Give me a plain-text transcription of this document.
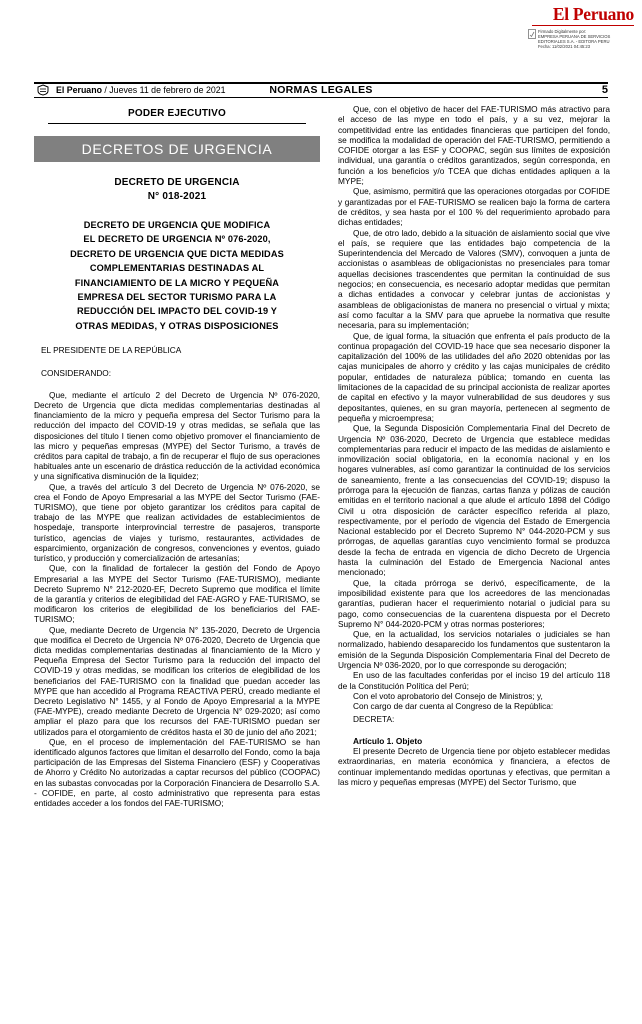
El Peruano
Firmado Digitalmente por:
EMPRESA PERUANA DE SERVICIOS
EDITORIALES S.A. - EDITORA PERU
Fecha: 11/02/2021 04:45:23
El Peruano / Jueves 11 de febrero de 2021	NORMAS LEGALES	5
PODER EJECUTIVO
DECRETOS DE URGENCIA
DECRETO DE URGENCIA
N° 018-2021
DECRETO DE URGENCIA QUE MODIFICA
EL DECRETO DE URGENCIA Nº 076-2020,
DECRETO DE URGENCIA QUE DICTA MEDIDAS
COMPLEMENTARIAS DESTINADAS AL
FINANCIAMIENTO DE LA MICRO Y PEQUEÑA
EMPRESA DEL SECTOR TURISMO PARA LA
REDUCCIÓN DEL IMPACTO DEL COVID-19 Y
OTRAS MEDIDAS, Y OTRAS DISPOSICIONES
EL PRESIDENTE DE LA REPÚBLICA
CONSIDERANDO:

Que, mediante el artículo 2 del Decreto de Urgencia Nº 076-2020, Decreto de Urgencia que dicta medidas complementarias destinadas al financiamiento de la micro y pequeña empresa del Sector Turismo para la reducción del impacto del COVID-19 y otras medidas, se señala que las disposiciones del título I tienen como objetivo promover el financiamiento de las micro y pequeñas empresas (MYPE) del Sector Turismo, a través de créditos para capital de trabajo, a fin de recuperar el flujo de sus operaciones habituales ante un escenario de drástica reducción de la actividad económica y una significativa disminución de la liquidez;

Que, a través del artículo 3 del Decreto de Urgencia Nº 076-2020, se crea el Fondo de Apoyo Empresarial a las MYPE del Sector Turismo (FAE-TURISMO), que tiene por objeto garantizar los créditos para capital de trabajo de las MYPE que realizan actividades de establecimientos de hospedaje, transporte interprovincial terrestre de pasajeros, transporte turístico, agencias de viajes y turismo, restaurantes, actividades de esparcimiento, organización de congresos, convenciones y eventos, guiado turístico, y producción y comercialización de artesanías;

Que, con la finalidad de fortalecer la gestión del Fondo de Apoyo Empresarial a las MYPE del Sector Turismo (FAE-TURISMO), mediante Decreto Supremo N° 212-2020-EF, Decreto Supremo que modifica el límite de la garantía y criterios de elegibilidad del FAE-AGRO y FAE-TURISMO, se modificaron los criterios de elegibilidad de los beneficiarios del FAE-TURISMO;

Que, mediante Decreto de Urgencia N° 135-2020, Decreto de Urgencia que modifica el Decreto de Urgencia Nº 076-2020, Decreto de Urgencia que dicta medidas complementarias destinadas al financiamiento de la Micro y Pequeña Empresa del Sector Turismo para la reducción del impacto del COVID-19 y otras medidas, se modifican los criterios de elegibilidad de los beneficiarios del FAE-TURISMO con la finalidad que puedan acceder las MYPE que han accedido al Programa REACTIVA PERÚ, creado mediante el Decreto Legislativo N° 1455, y al Fondo de Apoyo Empresarial a la MYPE (FAE-MYPE), creado mediante Decreto de Urgencia N° 029-2020; así como ampliar el plazo para que los recursos del FAE-TURISMO puedan ser utilizados para el otorgamiento de créditos hasta el 30 de junio del año 2021;

Que, en el proceso de implementación del FAE-TURISMO se han identificado algunos factores que limitan el desarrollo del Fondo, como la baja participación de las Empresas del Sistema Financiero (ESF) y Cooperativas de Ahorro y Crédito No autorizadas a captar recursos del público (COOPAC) en las subastas convocadas por la Corporación Financiera de Desarrollo S.A. - COFIDE, en parte, al costo administrativo que representa para estas entidades acceder a los fondos del FAE-TURISMO;

Que, con el objetivo de hacer del FAE-TURISMO más atractivo para el acceso de las mype en todo el país, y a su vez, mejorar la competitividad entre las entidades financieras que participen del fondo, se modifica la modalidad de operación del FAE-TURISMO, permitiendo a COFIDE otorgar a las ESF y COOPAC, según sus límites de exposición individual, una garantía o créditos garantizados, según corresponda, en función a los beneficios y/o TCEA que dichas entidades apliquen a la MYPE;

Que, asimismo, permitirá que las operaciones otorgadas por COFIDE y garantizadas por el FAE-TURISMO se realicen bajo la forma de cartera de créditos, y sea hasta por el 100 % del requerimiento aprobado para dichas entidades;

Que, de otro lado, debido a la situación de aislamiento social que vive el país, se requiere que las entidades bajo competencia de la Superintendencia del Mercado de Valores (SMV), convoquen a junta de accionistas o asambleas de obligacionistas no presenciales para tomar aquellas decisiones trascendentes que permitan la continuidad de sus negocios; en consecuencia, es necesario adoptar medidas que permitan a dichas entidades a convocar y celebrar juntas de accionistas y asambleas de obligacionistas de manera no presencial o virtual y mixta; así como facultar a la SMV para que apruebe la normativa que resulte necesaria, para su implementación;

Que, de igual forma, la situación que enfrenta el país producto de la continua propagación del COVID-19 hace que sea necesario disponer la capitalización del 100% de las utilidades del año 2020 obtenidas por las cajas municipales de ahorro y crédito y las cajas municipales de crédito popular, entidades de naturaleza pública; tomando en cuenta las limitaciones de la capacidad de su principal accionista de realizar aportes de capital en efectivo y la mayor vulnerabilidad de sus deudores y sus depositantes, quienes, en su gran mayoría, pertenecen al segmento de pequeña y microempresa;

Que, la Segunda Disposición Complementaria Final del Decreto de Urgencia Nº 036-2020, Decreto de Urgencia que establece medidas complementarias para reducir el impacto de las medidas de aislamiento e inmovilización social obligatoria, en la economía nacional y en los hogares vulnerables, así como garantizar la continuidad de los servicios de saneamiento, frente a las consecuencias del COVID-19; dispuso la prórroga para la ejecución de fianzas, cartas fianza y pólizas de caución emitidas en el territorio nacional a que alude el artículo 1898 del Código Civil u otra disposición de carácter específico referida al plazo, respectivamente, por el período de vigencia del Estado de Emergencia Nacional establecido por el Decreto Supremo N° 044-2020-PCM y sus prórrogas, de aquellas garantías cuyo vencimiento formal se produzca desde la fecha de entrada en vigencia de dicho Decreto de Urgencia hasta la culminación del Estado de Emergencia Nacional antes mencionado;

Que, la citada prórroga se derivó, específicamente, de la imposibilidad existente para que los acreedores de las mencionadas garantías, pudieran hacer el requerimiento notarial o judicial para su pago, como consecuencias de la cuarentena dispuesta por el Decreto Supremo N° 044-2020-PCM y otras normas posteriores;

Que, en la actualidad, los servicios notariales o judiciales se han normalizado, habiendo desaparecido los fundamentos que sustentaron la emisión de la Segunda Disposición Complementaria Final del Decreto de Urgencia Nº 036-2020, por lo que corresponde su derogación;

En uso de las facultades conferidas por el inciso 19 del artículo 118 de la Constitución Política del Perú;

Con el voto aprobatorio del Consejo de Ministros; y,

Con cargo de dar cuenta al Congreso de la República:

DECRETA:
Artículo 1. Objeto

El presente Decreto de Urgencia tiene por objeto establecer medidas extraordinarias, en materia económica y financiera, a efectos de continuar implementando medidas oportunas y efectivas, que permitan a las micro y pequeñas empresas (MYPE) del Sector Turismo, que
